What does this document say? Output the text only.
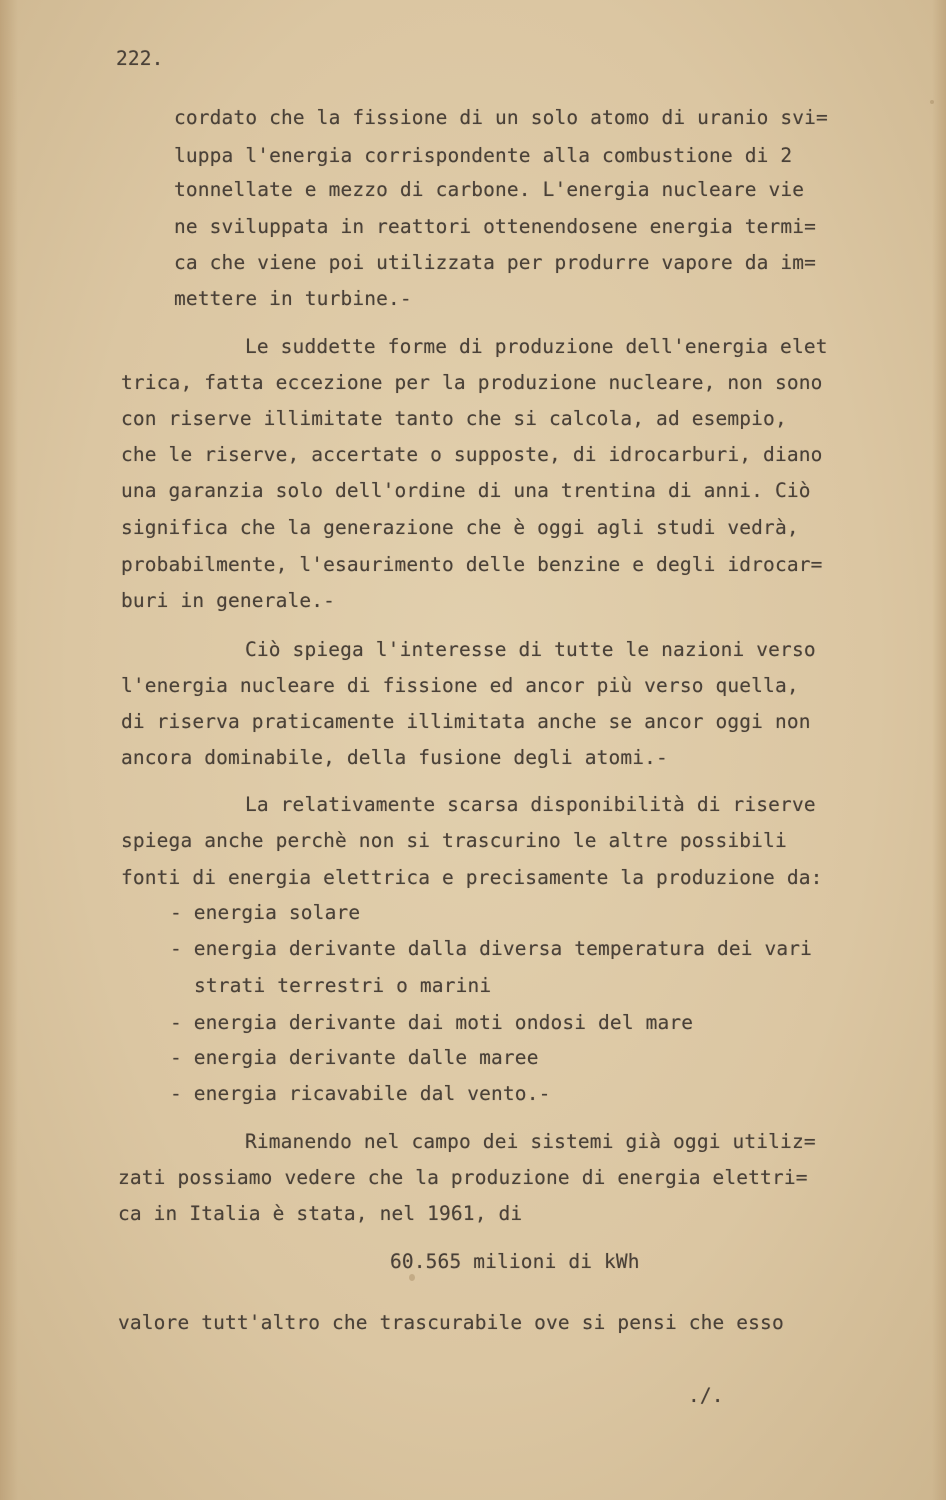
222.
cordato che la fissione di un solo atomo di uranio svi=
luppa l'energia corrispondente alla combustione di 2
tonnellate e mezzo di carbone. L'energia nucleare vie
ne sviluppata in reattori ottenendosene energia termi=
ca che viene poi utilizzata per produrre vapore da im=
mettere in turbine.-
Le suddette forme di produzione dell'energia elet
trica, fatta eccezione per la produzione nucleare, non sono
con riserve illimitate tanto che si calcola, ad esempio,
che le riserve, accertate o supposte, di idrocarburi, diano
una garanzia solo dell'ordine di una trentina di anni. Ciò
significa che la generazione che è oggi agli studi vedrà,
probabilmente, l'esaurimento delle benzine e degli idrocar=
buri in generale.-
Ciò spiega l'interesse di tutte le nazioni verso
l'energia nucleare di fissione ed ancor più verso quella,
di riserva praticamente illimitata anche se ancor oggi non
ancora dominabile, della fusione degli atomi.-
La relativamente scarsa disponibilità di riserve
spiega anche perchè non si trascurino le altre possibili
fonti di energia elettrica e precisamente la produzione da:
- energia solare
- energia derivante dalla diversa temperatura dei vari
strati terrestri o marini
- energia derivante dai moti ondosi del mare
- energia derivante dalle maree
- energia ricavabile dal vento.-
Rimanendo nel campo dei sistemi già oggi utiliz=
zati possiamo vedere che la produzione di energia elettri=
ca in Italia è stata, nel 1961, di
60.565 milioni di kWh
valore tutt'altro che trascurabile ove si pensi che esso
./.
